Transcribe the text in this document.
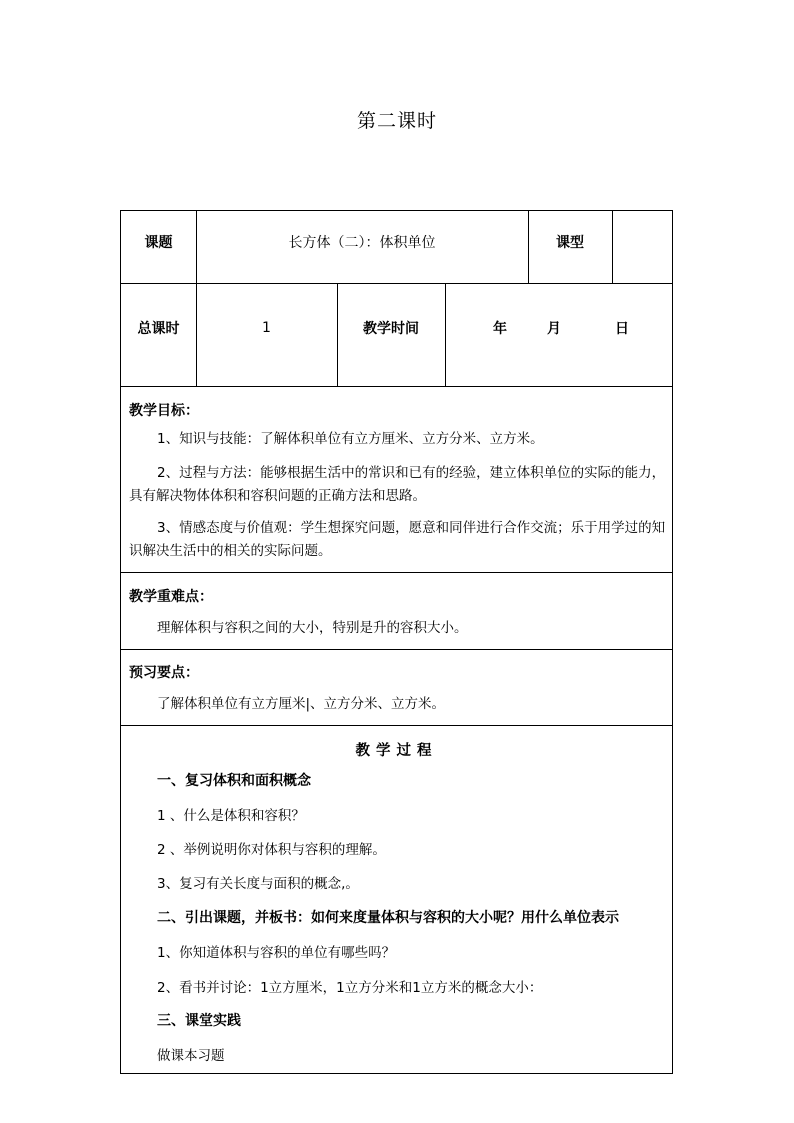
第二课时
课题	长方体（二）：体积单位	课型
总课时	1	教学时间	年	月	日
教学目标：
1、知识与技能：了解体积单位有立方厘米、立方分米、立方米。
2、过程与方法：能够根据生活中的常识和已有的经验，建立体积单位的实际的能力，具有解决物体体积和容积问题的正确方法和思路。
3、情感态度与价值观：学生想探究问题，愿意和同伴进行合作交流；乐于用学过的知识解决生活中的相关的实际问题。
教学重难点：
理解体积与容积之间的大小，特别是升的容积大小。
预习要点：
了解体积单位有立方厘米|、立方分米、立方米。
教学过程
一、复习体积和面积概念
1 、什么是体积和容积？
2 、举例说明你对体积与容积的理解。
3、复习有关长度与面积的概念,。
二、引出课题，并板书：如何来度量体积与容积的大小呢？用什么单位表示
1、你知道体积与容积的单位有哪些吗？
2、看书并讨论：1立方厘米，1立方分米和1立方米的概念大小：
三、课堂实践
做课本习题
